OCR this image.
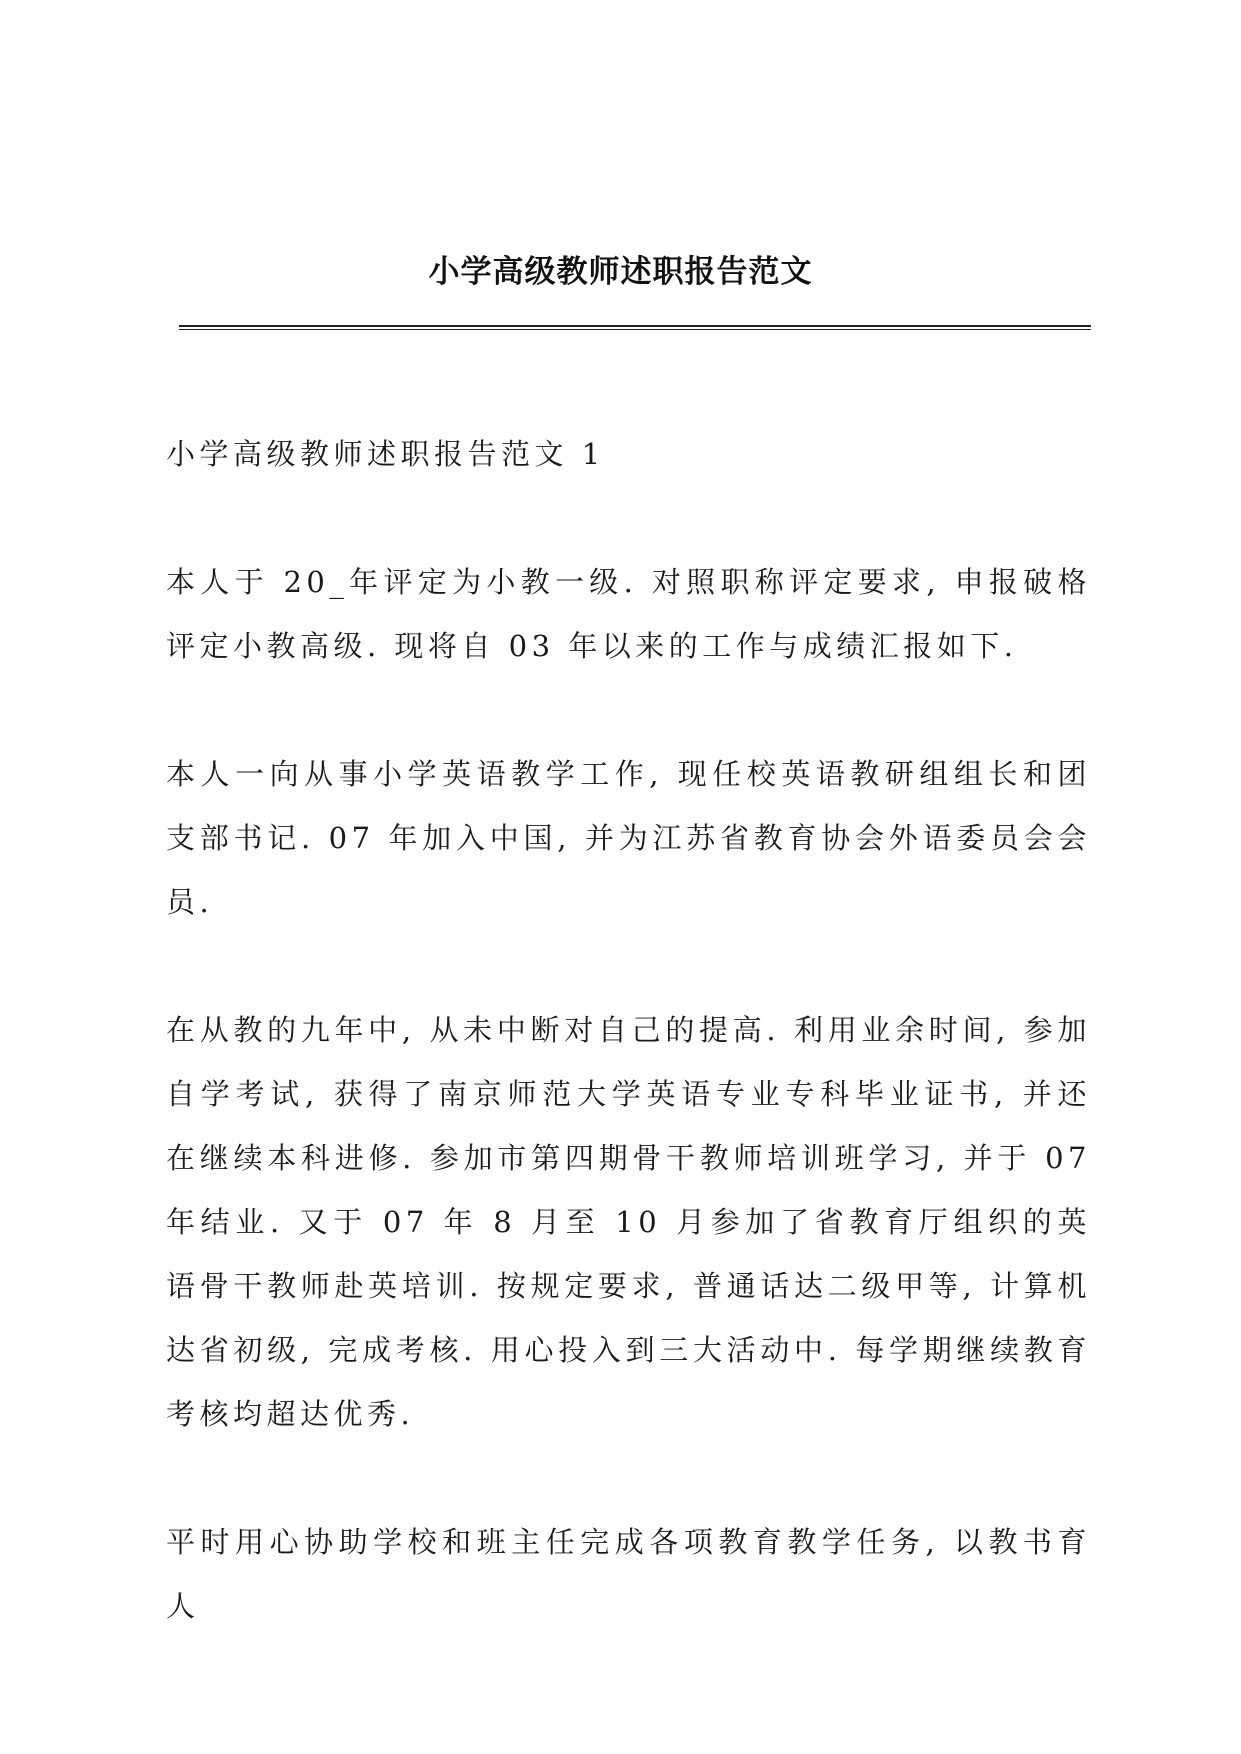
小学高级教师述职报告范文

小学高级教师述职报告范文 1

本人于 20_年评定为小教一级. 对照职称评定要求, 申报破格评定小教高级. 现将自 03 年以来的工作与成绩汇报如下.

本人一向从事小学英语教学工作, 现任校英语教研组组长和团支部书记. 07 年加入中国, 并为江苏省教育协会外语委员会会员.

在从教的九年中, 从未中断对自己的提高. 利用业余时间, 参加自学考试, 获得了南京师范大学英语专业专科毕业证书, 并还在继续本科进修. 参加市第四期骨干教师培训班学习, 并于 07 年结业. 又于 07 年 8 月至 10 月参加了省教育厅组织的英语骨干教师赴英培训. 按规定要求, 普通话达二级甲等, 计算机达省初级, 完成考核. 用心投入到三大活动中. 每学期继续教育考核均超达优秀.

平时用心协助学校和班主任完成各项教育教学任务, 以教书育人
